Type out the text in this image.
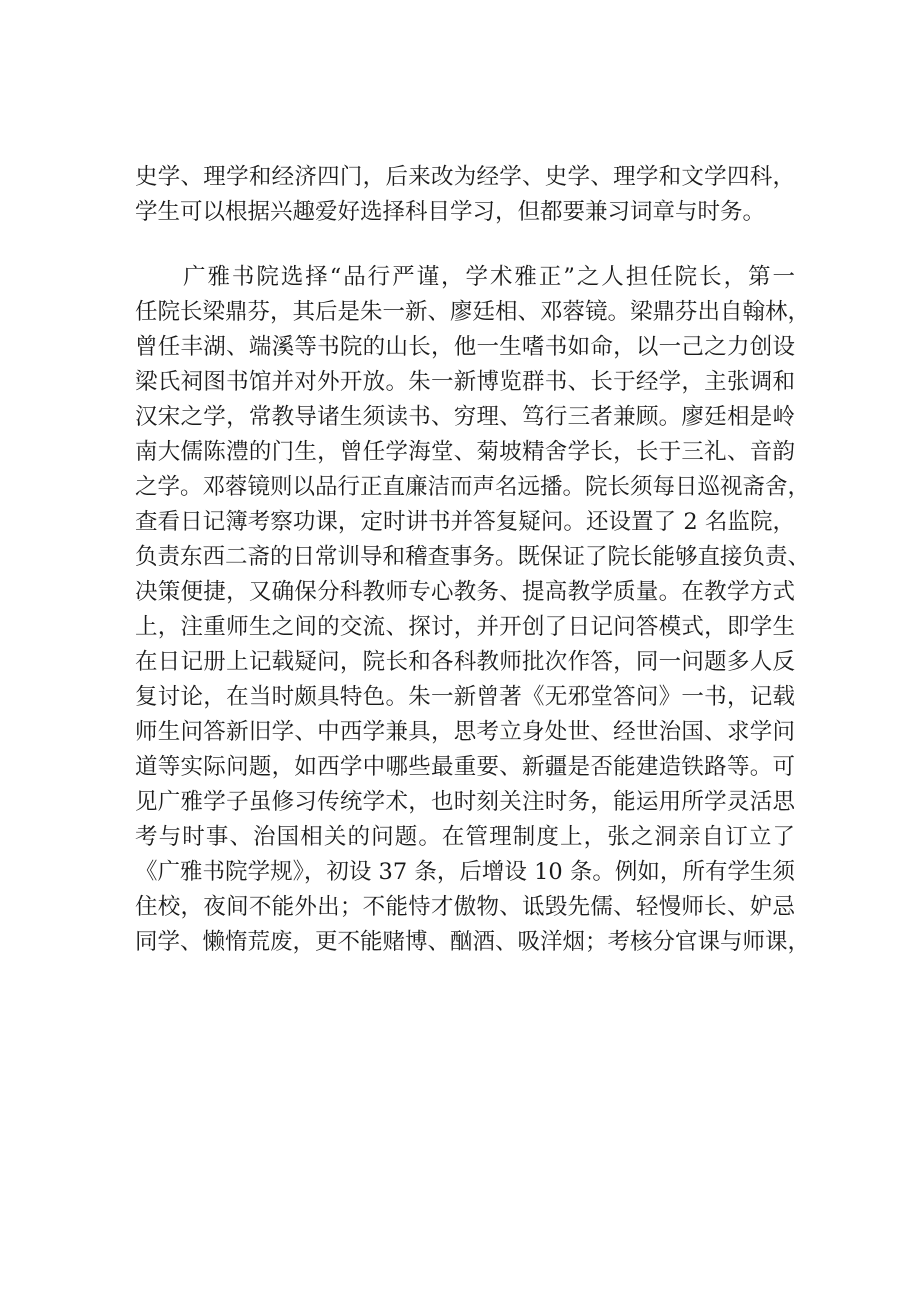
史学、理学和经济四门，后来改为经学、史学、理学和文学四科，
学生可以根据兴趣爱好选择科目学习，但都要兼习词章与时务。
广雅书院选择“品行严谨，学术雅正”之人担任院长，第一
任院长梁鼎芬，其后是朱一新、廖廷相、邓蓉镜。梁鼎芬出自翰林，
曾任丰湖、端溪等书院的山长，他一生嗜书如命，以一己之力创设
梁氏祠图书馆并对外开放。朱一新博览群书、长于经学，主张调和
汉宋之学，常教导诸生须读书、穷理、笃行三者兼顾。廖廷相是岭
南大儒陈澧的门生，曾任学海堂、菊坡精舍学长，长于三礼、音韵
之学。邓蓉镜则以品行正直廉洁而声名远播。院长须每日巡视斋舍，
查看日记簿考察功课，定时讲书并答复疑问。还设置了 2 名监院，
负责东西二斋的日常训导和稽查事务。既保证了院长能够直接负责、
决策便捷，又确保分科教师专心教务、提高教学质量。在教学方式
上，注重师生之间的交流、探讨，并开创了日记问答模式，即学生
在日记册上记载疑问，院长和各科教师批次作答，同一问题多人反
复讨论，在当时颇具特色。朱一新曾著《无邪堂答问》一书，记载
师生问答新旧学、中西学兼具，思考立身处世、经世治国、求学问
道等实际问题，如西学中哪些最重要、新疆是否能建造铁路等。可
见广雅学子虽修习传统学术，也时刻关注时务，能运用所学灵活思
考与时事、治国相关的问题。在管理制度上，张之洞亲自订立了
《广雅书院学规》，初设 37 条，后增设 10 条。例如，所有学生须
住校，夜间不能外出；不能恃才傲物、诋毁先儒、轻慢师长、妒忌
同学、懒惰荒废，更不能赌博、酗酒、吸洋烟；考核分官课与师课，
